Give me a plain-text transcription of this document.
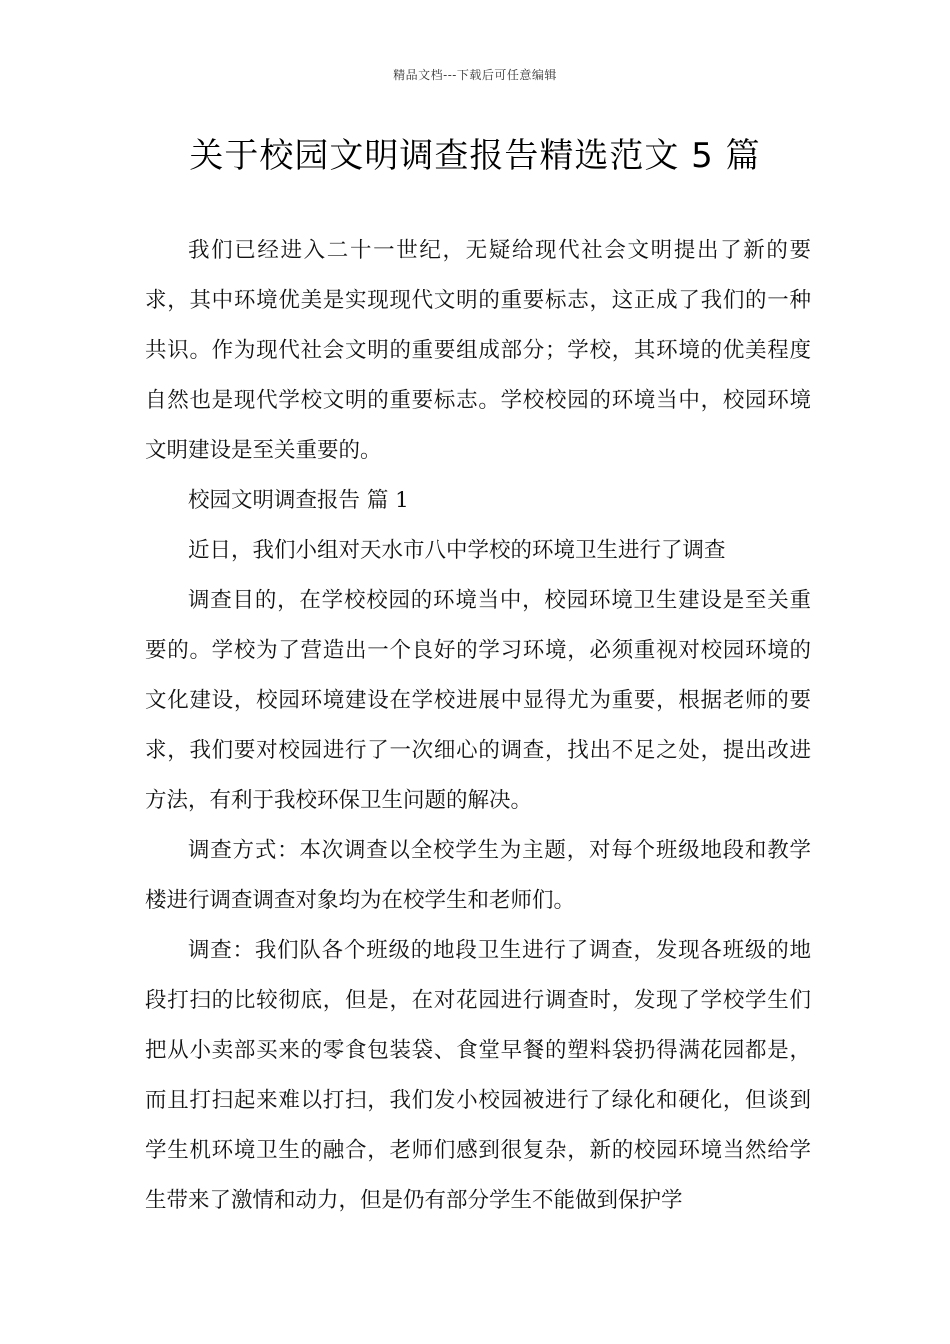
精品文档---下载后可任意编辑
关于校园文明调查报告精选范文 5 篇

我们已经进入二十一世纪，无疑给现代社会文明提出了新的要求，其中环境优美是实现现代文明的重要标志，这正成了我们的一种共识。作为现代社会文明的重要组成部分；学校，其环境的优美程度自然也是现代学校文明的重要标志。学校校园的环境当中，校园环境文明建设是至关重要的。

校园文明调查报告 篇 1

近日，我们小组对天水市八中学校的环境卫生进行了调查

调查目的，在学校校园的环境当中，校园环境卫生建设是至关重要的。学校为了营造出一个良好的学习环境，必须重视对校园环境的文化建设，校园环境建设在学校进展中显得尤为重要，根据老师的要求，我们要对校园进行了一次细心的调查，找出不足之处，提出改进方法，有利于我校环保卫生问题的解决。

调查方式：本次调查以全校学生为主题，对每个班级地段和教学楼进行调查调查对象均为在校学生和老师们。

调查：我们队各个班级的地段卫生进行了调查，发现各班级的地段打扫的比较彻底，但是，在对花园进行调查时，发现了学校学生们把从小卖部买来的零食包装袋、食堂早餐的塑料袋扔得满花园都是，而且打扫起来难以打扫，我们发小校园被进行了绿化和硬化，但谈到学生机环境卫生的融合，老师们感到很复杂，新的校园环境当然给学生带来了激情和动力，但是仍有部分学生不能做到保护学
